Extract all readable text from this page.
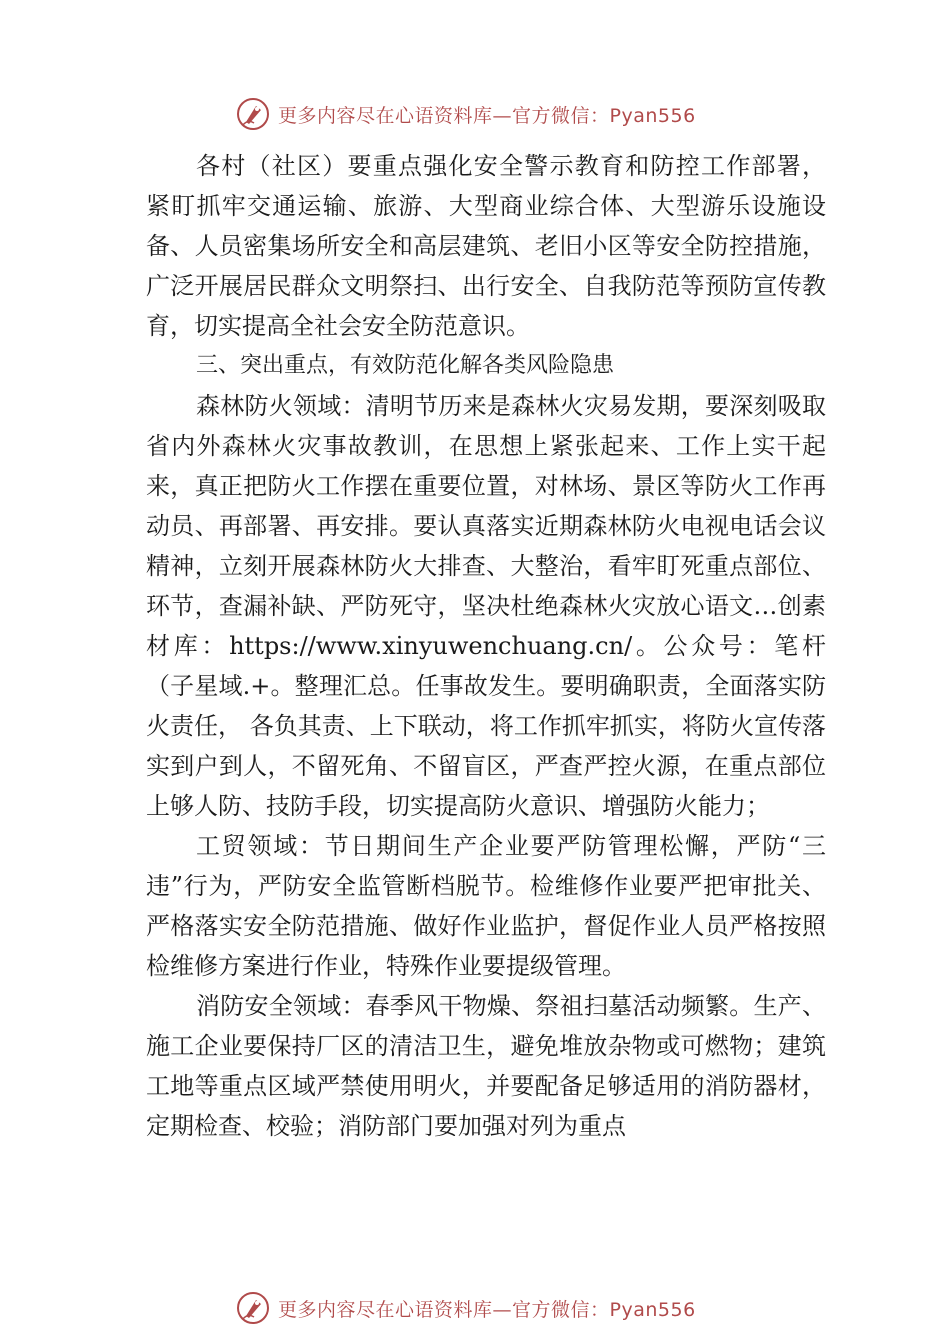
更多内容尽在心语资料库—官方微信：Pyan556

各村（社区）要重点强化安全警示教育和防控工作部署， 紧盯抓牢交通运输、旅游、大型商业综合体、大型游乐设施设备、人员密集场所安全和高层建筑、老旧小区等安全防控措施，广泛开展居民群众文明祭扫、出行安全、自我防范等预防宣传教育，切实提高全社会安全防范意识。

三、突出重点，有效防范化解各类风险隐患

森林防火领域：清明节历来是森林火灾易发期，要深刻吸取省内外森林火灾事故教训，在思想上紧张起来、工作上实干起来，真正把防火工作摆在重要位置，对林场、景区等防火工作再动员、再部署、再安排。要认真落实近期森林防火电视电话会议精神，立刻开展森林防火大排查、大整治，看牢盯死重点部位、环节，查漏补缺、严防死守，坚决杜绝森林火灾放心语文…创素材库：https://www.xinyuwenchuang.cn/。公众号：笔杆（子星域.+。整理汇总。任事故发生。要明确职责，全面落实防火责任， 各负其责、上下联动，将工作抓牢抓实，将防火宣传落实到户到人，不留死角、不留盲区，严查严控火源，在重点部位上够人防、技防手段，切实提高防火意识、增强防火能力；

工贸领域：节日期间生产企业要严防管理松懈，严防“三违”行为，严防安全监管断档脱节。检维修作业要严把审批关、严格落实安全防范措施、做好作业监护，督促作业人员严格按照检维修方案进行作业，特殊作业要提级管理。

消防安全领域：春季风干物燥、祭祖扫墓活动频繁。生产、施工企业要保持厂区的清洁卫生，避免堆放杂物或可燃物；建筑工地等重点区域严禁使用明火，并要配备足够适用的消防器材，定期检查、校验；消防部门要加强对列为重点

更多内容尽在心语资料库—官方微信：Pyan556
